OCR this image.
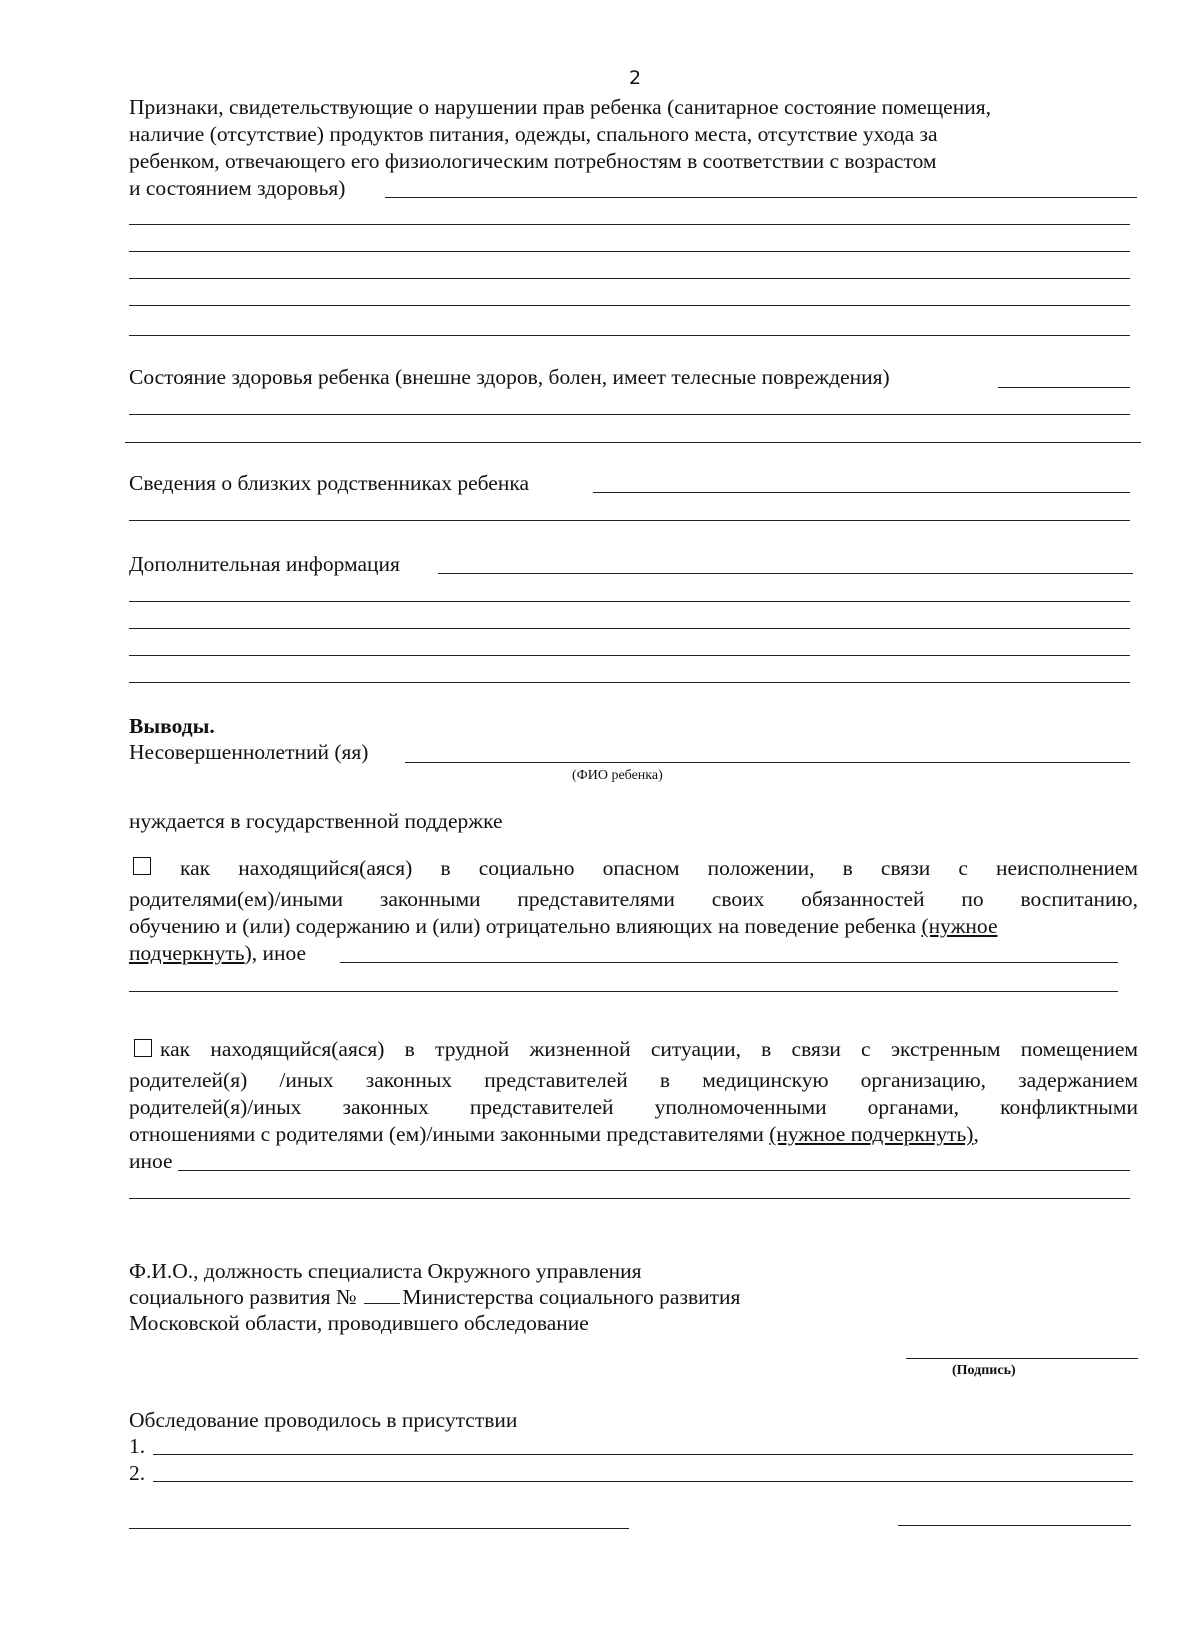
2
Признаки, свидетельствующие о нарушении прав ребенка (санитарное состояние помещения,
наличие (отсутствие) продуктов питания, одежды, спального места, отсутствие ухода за
ребенком, отвечающего его физиологическим потребностям в соответствии с возрастом
и состоянием здоровья)
Состояние здоровья ребенка (внешне здоров, болен, имеет телесные повреждения)
Сведения о близких родственниках ребенка
Дополнительная информация
Выводы.
Несовершеннолетний (яя)
(ФИО ребенка)
нуждается в государственной поддержке
как находящийся(аяся) в социально опасном положении, в связи с неисполнением
родителями(ем)/иными законными представителями своих обязанностей по воспитанию,
обучению и (или) содержанию и (или) отрицательно влияющих на поведение ребенка (нужное
подчеркнуть), иное
как находящийся(аяся) в трудной жизненной ситуации, в связи с экстренным помещением
родителей(я) /иных законных представителей в медицинскую организацию, задержанием
родителей(я)/иных законных представителей уполномоченными органами, конфликтными
отношениями с родителями (ем)/иными законными представителями (нужное подчеркнуть),
иное
Ф.И.О., должность специалиста Окружного управления
социального развития № Министерства социального развития
Московской области, проводившего обследование
(Подпись)
Обследование проводилось в присутствии
1.
2.
